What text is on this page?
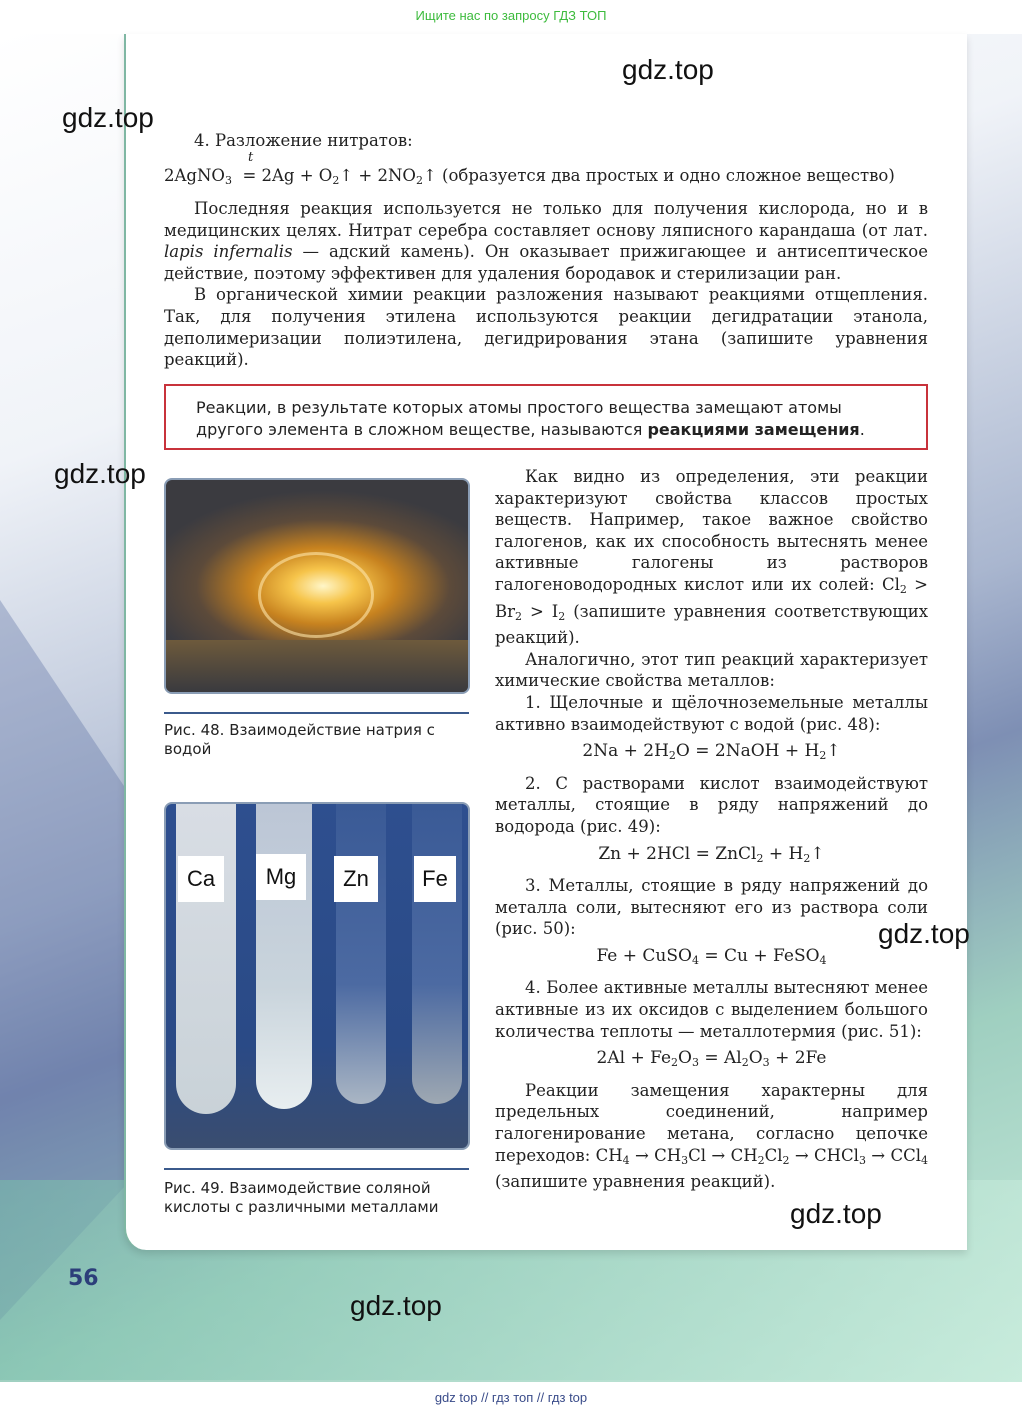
Ищите нас по запросу ГДЗ ТОП
4. Разложение нитратов:
t
2AgNO$_3$  = $2Ag + O_2↑$ + $2NO_2↑$ (образуется два простых и одно сложное вещество)

Последняя реакция используется не только для получения кислорода, но и в медицинских целях. Нитрат серебра составляет основу ляписного карандаша (от лат. lapis infernalis — адский камень). Он оказывает прижигающее и антисептическое действие, поэтому эффективен для удаления бородавок и стерилизации ран.

В органической химии реакции разложения называют реакциями отщепления. Так, для получения этилена используются реакции дегидратации этанола, деполимеризации полиэтилена, дегидрирования этана (запишите уравнения реакций).

Реакции, в результате которых атомы простого вещества замещают атомы другого элемента в сложном веществе, называются реакциями замещения.
Рис. 48. Взаимодействие натрия с водой
Ca	Mg	Zn	Fe
Рис. 49. Взаимодействие соляной кислоты с различными металлами

Как видно из определения, эти реакции характеризуют свойства классов простых веществ. Например, такое важное свойство галогенов, как их способность вытеснять менее активные галогены из растворов галогеноводородных кислот или их солей: $Cl_2 > Br_2 > I_2$ (запишите уравнения соответствующих реакций).

Аналогично, этот тип реакций характеризует химические свойства металлов:

1. Щелочные и щёлочноземельные металлы активно взаимодействуют с водой (рис. 48):

$2Na + 2H_2O$ = 2NaOH + $H_2↑$

2. С растворами кислот взаимодействуют металлы, стоящие в ряду напряжений до водорода (рис. 49):

Zn + 2HCl = ZnCl$_2$ + $H_2↑$

3. Металлы, стоящие в ряду напряжений до металла соли, вытесняют его из раствора соли (рис. 50):

Fe + CuSO$_4$ = Cu + FeSO$_4$

4. Более активные металлы вытесняют менее активные из их оксидов с выделением большого количества теплоты — металлотермия (рис. 51):

$2Al + Fe_2O_3 = Al_2O_3 + 2Fe$

Реакции замещения характерны для предельных соединений, например галогенирование метана, согласно цепочке переходов: $CH_4 \to CH_3Cl \to CH_2Cl_2$ → CHCl$_3$ → CCl$_4$ (запишите уравнения реакций).

gdz.top
gdz.top
gdz.top
gdz.top
gdz.top
gdz.top
56
gdz top // гдз топ // гдз top
